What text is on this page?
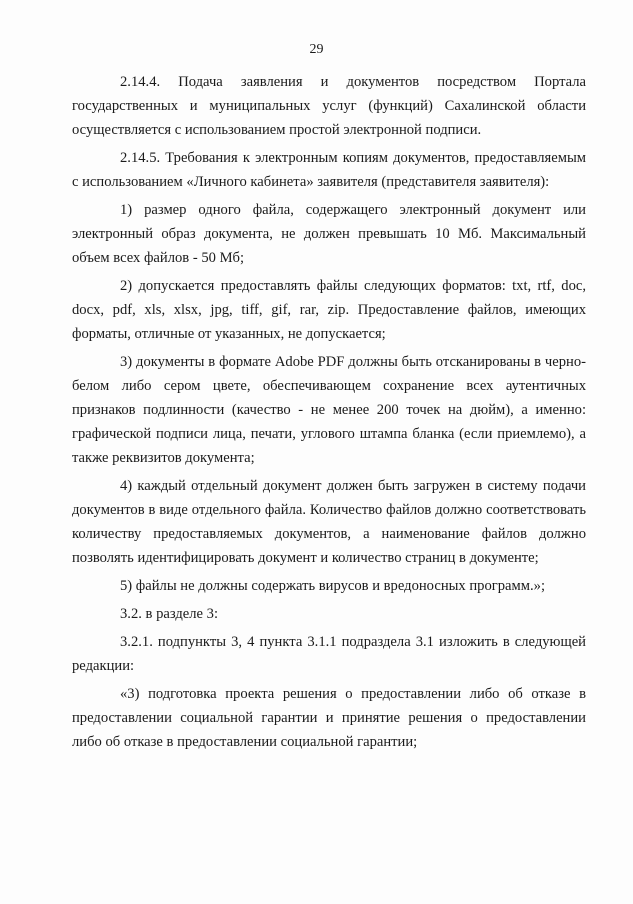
29

2.14.4. Подача заявления и документов посредством Портала государственных и муниципальных услуг (функций) Сахалинской области осуществляется с использованием простой электронной подписи.

2.14.5. Требования к электронным копиям документов, предоставляемым с использованием «Личного кабинета» заявителя (представителя заявителя):

1) размер одного файла, содержащего электронный документ или электронный образ документа, не должен превышать 10 Мб. Максимальный объем всех файлов - 50 Мб;

2) допускается предоставлять файлы следующих форматов: txt, rtf, doc, docx, pdf, xls, xlsx, jpg, tiff, gif, rar, zip. Предоставление файлов, имеющих форматы, отличные от указанных, не допускается;

3) документы в формате Adobe PDF должны быть отсканированы в черно-белом либо сером цвете, обеспечивающем сохранение всех аутентичных признаков подлинности (качество - не менее 200 точек на дюйм), а именно: графической подписи лица, печати, углового штампа бланка (если приемлемо), а также реквизитов документа;

4) каждый отдельный документ должен быть загружен в систему подачи документов в виде отдельного файла. Количество файлов должно соответствовать количеству предоставляемых документов, а наименование файлов должно позволять идентифицировать документ и количество страниц в документе;

5) файлы не должны содержать вирусов и вредоносных программ.»;

3.2. в разделе 3:

3.2.1. подпункты 3, 4 пункта 3.1.1 подраздела 3.1 изложить в следующей редакции:

«3) подготовка проекта решения о предоставлении либо об отказе в предоставлении социальной гарантии и принятие решения о предоставлении либо об отказе в предоставлении социальной гарантии;
